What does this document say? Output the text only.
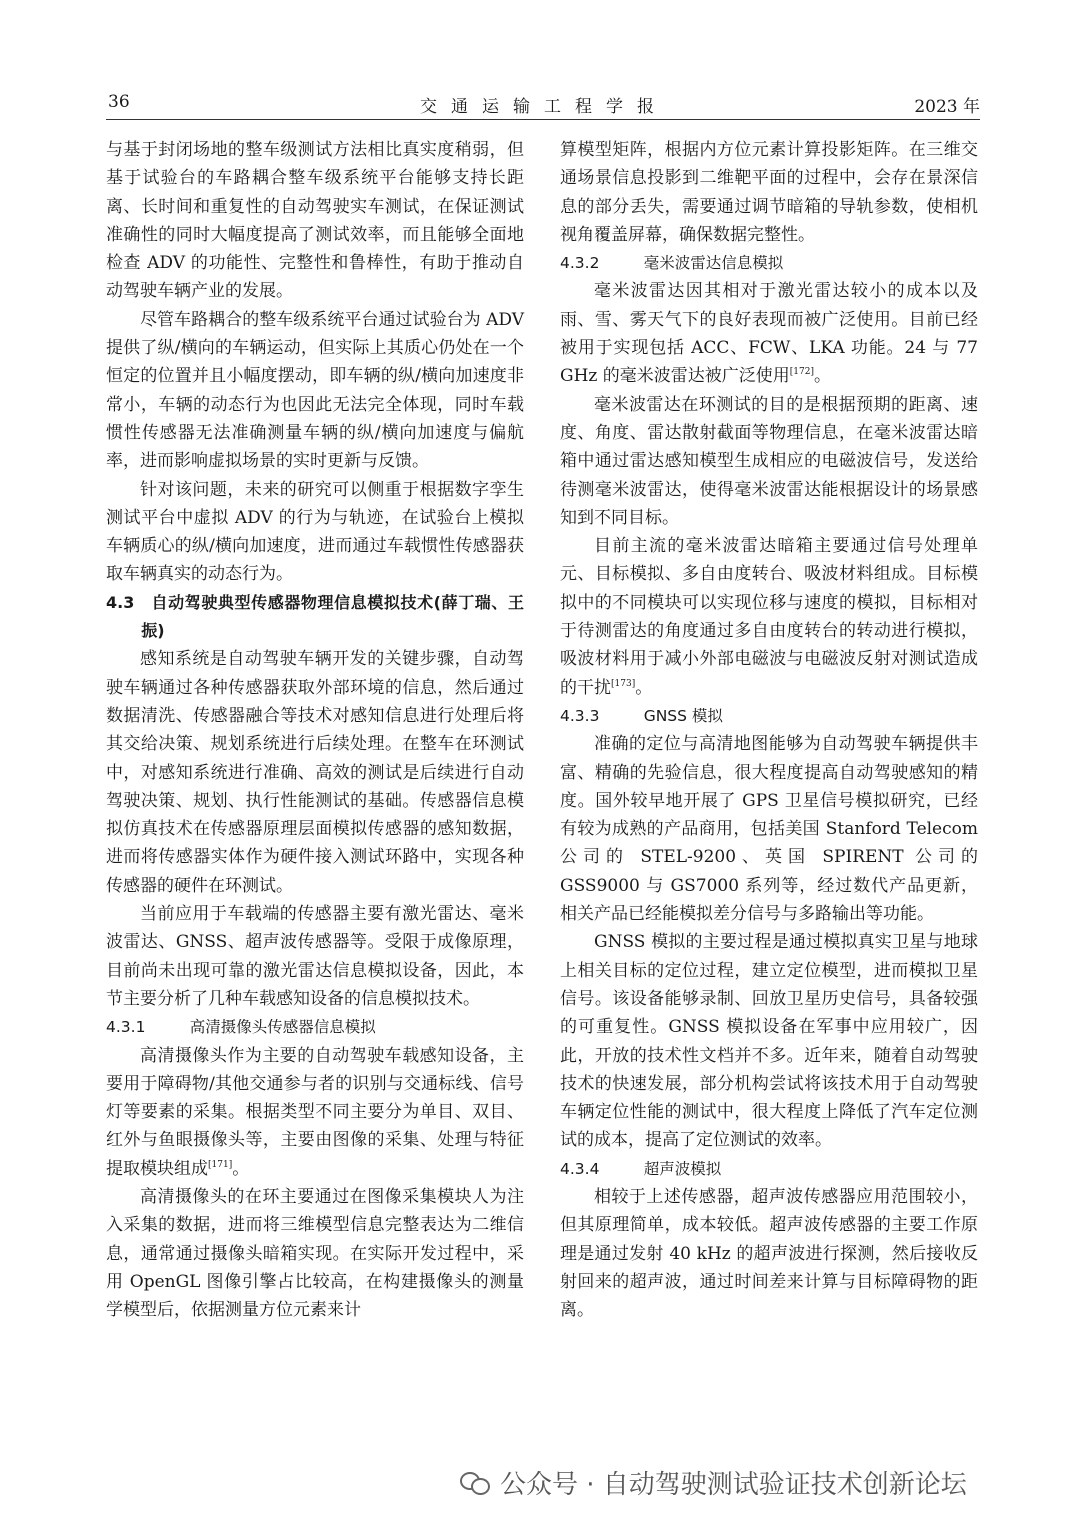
36	交通运输工程学报	2023 年

与基于封闭场地的整车级测试方法相比真实度稍弱，但基于试验台的车路耦合整车级系统平台能够支持长距离、长时间和重复性的自动驾驶实车测试，在保证测试准确性的同时大幅度提高了测试效率，而且能够全面地检查 ADV 的功能性、完整性和鲁棒性，有助于推动自动驾驶车辆产业的发展。

尽管车路耦合的整车级系统平台通过试验台为 ADV 提供了纵/横向的车辆运动，但实际上其质心仍处在一个恒定的位置并且小幅度摆动，即车辆的纵/横向加速度非常小，车辆的动态行为也因此无法完全体现，同时车载惯性传感器无法准确测量车辆的纵/横向加速度与偏航率，进而影响虚拟场景的实时更新与反馈。

针对该问题，未来的研究可以侧重于根据数字孪生测试平台中虚拟 ADV 的行为与轨迹，在试验台上模拟车辆质心的纵/横向加速度，进而通过车载惯性传感器获取车辆真实的动态行为。

4.3　自动驾驶典型传感器物理信息模拟技术(薛丁瑞、王振)

感知系统是自动驾驶车辆开发的关键步骤，自动驾驶车辆通过各种传感器获取外部环境的信息，然后通过数据清洗、传感器融合等技术对感知信息进行处理后将其交给决策、规划系统进行后续处理。在整车在环测试中，对感知系统进行准确、高效的测试是后续进行自动驾驶决策、规划、执行性能测试的基础。传感器信息模拟仿真技术在传感器原理层面模拟传感器的感知数据，进而将传感器实体作为硬件接入测试环路中，实现各种传感器的硬件在环测试。

当前应用于车载端的传感器主要有激光雷达、毫米波雷达、GNSS、超声波传感器等。受限于成像原理，目前尚未出现可靠的激光雷达信息模拟设备，因此，本节主要分析了几种车载感知设备的信息模拟技术。

4.3.1	高清摄像头传感器信息模拟

高清摄像头作为主要的自动驾驶车载感知设备，主要用于障碍物/其他交通参与者的识别与交通标线、信号灯等要素的采集。根据类型不同主要分为单目、双目、红外与鱼眼摄像头等，主要由图像的采集、处理与特征提取模块组成[171]。

高清摄像头的在环主要通过在图像采集模块人为注入采集的数据，进而将三维模型信息完整表达为二维信息，通常通过摄像头暗箱实现。在实际开发过程中，采用 OpenGL 图像引擎占比较高，在构建摄像头的测量学模型后，依据测量方位元素来计

算模型矩阵，根据内方位元素计算投影矩阵。在三维交通场景信息投影到二维靶平面的过程中，会存在景深信息的部分丢失，需要通过调节暗箱的导轨参数，使相机视角覆盖屏幕，确保数据完整性。

4.3.2	毫米波雷达信息模拟

毫米波雷达因其相对于激光雷达较小的成本以及雨、雪、雾天气下的良好表现而被广泛使用。目前已经被用于实现包括 ACC、FCW、LKA 功能。24 与 77 GHz 的毫米波雷达被广泛使用[172]。

毫米波雷达在环测试的目的是根据预期的距离、速度、角度、雷达散射截面等物理信息，在毫米波雷达暗箱中通过雷达感知模型生成相应的电磁波信号，发送给待测毫米波雷达，使得毫米波雷达能根据设计的场景感知到不同目标。

目前主流的毫米波雷达暗箱主要通过信号处理单元、目标模拟、多自由度转台、吸波材料组成。目标模拟中的不同模块可以实现位移与速度的模拟，目标相对于待测雷达的角度通过多自由度转台的转动进行模拟，吸波材料用于减小外部电磁波与电磁波反射对测试造成的干扰[173]。

4.3.3	GNSS 模拟

准确的定位与高清地图能够为自动驾驶车辆提供丰富、精确的先验信息，很大程度提高自动驾驶感知的精度。国外较早地开展了 GPS 卫星信号模拟研究，已经有较为成熟的产品商用，包括美国 Stanford Telecom 公司的 STEL-9200、英国 SPIRENT 公司的 GSS9000 与 GS7000 系列等，经过数代产品更新，相关产品已经能模拟差分信号与多路输出等功能。

GNSS 模拟的主要过程是通过模拟真实卫星与地球上相关目标的定位过程，建立定位模型，进而模拟卫星信号。该设备能够录制、回放卫星历史信号，具备较强的可重复性。GNSS 模拟设备在军事中应用较广，因此，开放的技术性文档并不多。近年来，随着自动驾驶技术的快速发展，部分机构尝试将该技术用于自动驾驶车辆定位性能的测试中，很大程度上降低了汽车定位测试的成本，提高了定位测试的效率。

4.3.4	超声波模拟

相较于上述传感器，超声波传感器应用范围较小，但其原理简单，成本较低。超声波传感器的主要工作原理是通过发射 40 kHz 的超声波进行探测，然后接收反射回来的超声波，通过时间差来计算与目标障碍物的距离。

公众号 · 自动驾驶测试验证技术创新论坛
